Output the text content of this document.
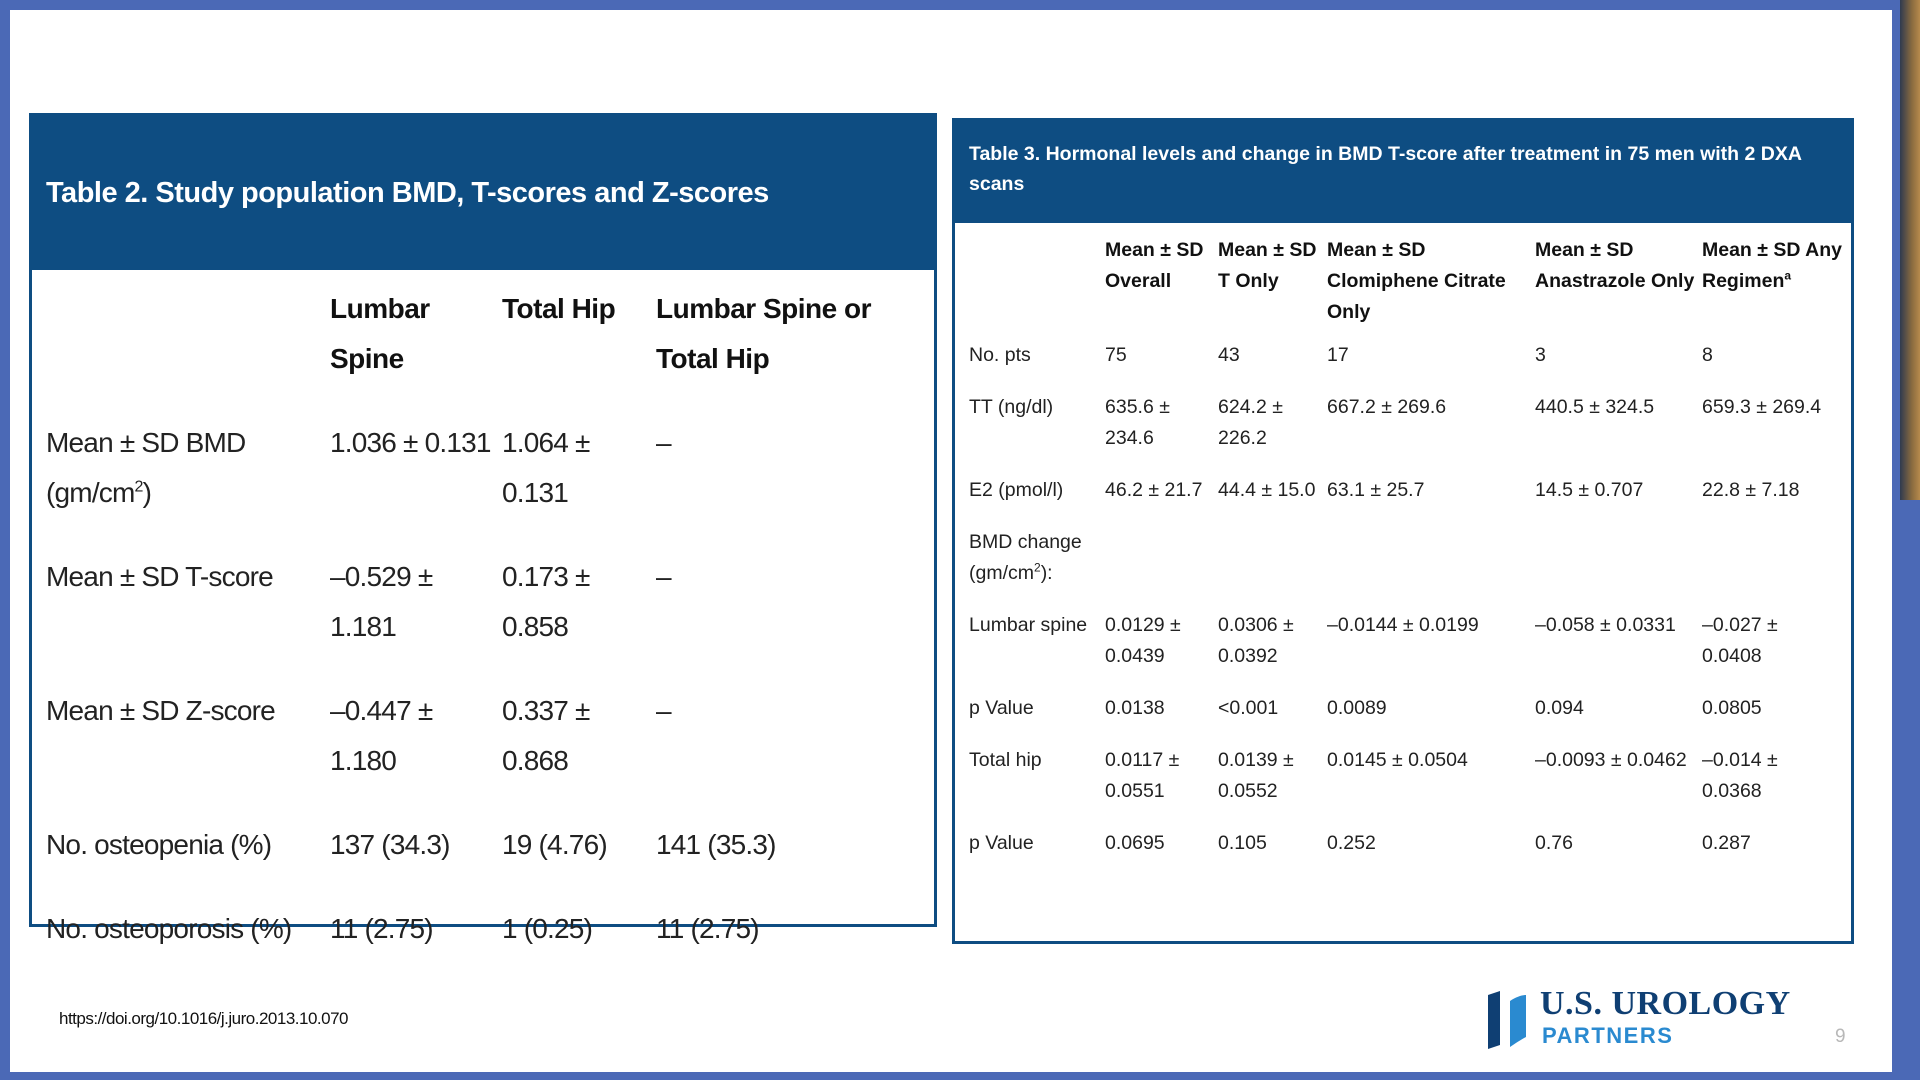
Table 2. Study population BMD, T-scores and Z-scores
	Lumbar Spine	Total Hip	Lumbar Spine or Total Hip
Mean ± SD BMD $(gm/cm^2)$	1.036 ± 0.131	1.064 ± 0.131	–
Mean ± SD T-score	–0.529 ± 1.181	0.173 ± 0.858	–
Mean ± SD Z-score	–0.447 ± 1.180	0.337 ± 0.868	–
No. osteopenia (%)	137 (34.3)	19 (4.76)	141 (35.3)
No. osteoporosis (%)	11 (2.75)	1 (0.25)	11 (2.75)
Table 3. Hormonal levels and change in BMD T-score after treatment in 75 men with 2 DXA scans
	Mean ± SD Overall	Mean ± SD T Only	Mean ± SD Clomiphene Citrate Only	Mean ± SD Anastrazole Only	Mean ± SD Any Regimen$^a$
No. pts	75	43	17	3	8
TT (ng/dl)	635.6 ± 234.6	624.2 ± 226.2	667.2 ± 269.6	440.5 ± 324.5	659.3 ± 269.4
E2 (pmol/l)	46.2 ± 21.7	44.4 ± 15.0	63.1 ± 25.7	14.5 ± 0.707	22.8 ± 7.18
BMD change $(gm/cm^2)$:					
Lumbar spine	0.0129 ± 0.0439	0.0306 ± 0.0392	–0.0144 ± 0.0199	–0.058 ± 0.0331	–0.027 ± 0.0408
p Value	0.0138	<0.001	0.0089	0.094	0.0805
Total hip	0.0117 ± 0.0551	0.0139 ± 0.0552	0.0145 ± 0.0504	–0.0093 ± 0.0462	–0.014 ± 0.0368
p Value	0.0695	0.105	0.252	0.76	0.287
https://doi.org/10.1016/j.juro.2013.10.070	U.S. UROLOGY
PARTNERS	9
